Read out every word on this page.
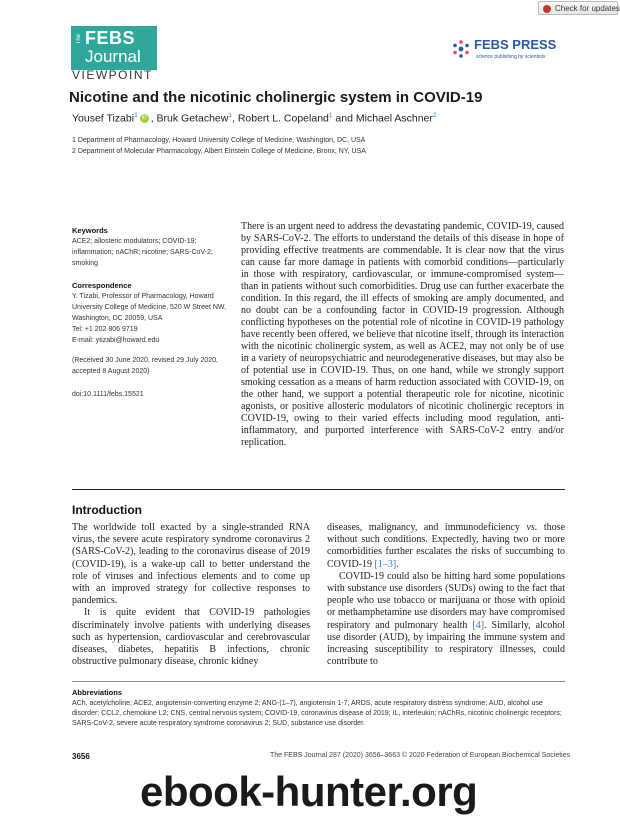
Check for updates
The FEBS
Journal
VIEWPOINT
FEBS PRESS
science publishing by scientists
Nicotine and the nicotinic cholinergic system in COVID-19
Yousef Tizabi$^1$ iD , Bruk Getachew$^1$, Robert L. Copeland$^1$ and Michael Aschner$^2$
1 Department of Pharmacology, Howard University College of Medicine, Washington, DC, USA
2 Department of Molecular Pharmacology, Albert Einstein College of Medicine, Bronx, NY, USA
Keywords
ACE2; allosteric modulators; COVID-19; inflammation; nAChR; nicotine; SARS-CoV-2; smoking
Correspondence
Y. Tizabi, Professor of Pharmacology, Howard University College of Medicine, 520 W Street NW, Washington, DC 20059, USA
Tel: +1 202 806 9719
E-mail: ytizabi@howard.edu
(Received 30 June 2020, revised 29 July 2020, accepted 8 August 2020)
doi:10.1111/febs.15521
There is an urgent need to address the devastating pandemic, COVID-19, caused by SARS-CoV-2. The efforts to understand the details of this disease in hope of providing effective treatments are commendable. It is clear now that the virus can cause far more damage in patients with comorbid conditions—particularly in those with respiratory, cardiovascular, or immune-compromised system—than in patients without such comorbidities. Drug use can further exacerbate the condition. In this regard, the ill effects of smoking are amply documented, and no doubt can be a confounding factor in COVID-19 progression. Although conflicting hypotheses on the potential role of nicotine in COVID-19 pathology have recently been offered, we believe that nicotine itself, through its interaction with the nicotinic cholinergic system, as well as ACE2, may not only be of use in a variety of neuropsychiatric and neurodegenerative diseases, but may also be of potential use in COVID-19. Thus, on one hand, while we strongly support smoking cessation as a means of harm reduction associated with COVID-19, on the other hand, we support a potential therapeutic role for nicotine, nicotinic agonists, or positive allosteric modulators of nicotinic cholinergic receptors in COVID-19, owing to their varied effects including mood regulation, anti-inflammatory, and purported interference with SARS-CoV-2 entry and/or replication.
Introduction

The worldwide toll exacted by a single-stranded RNA virus, the severe acute respiratory syndrome coronavirus 2 (SARS-CoV-2), leading to the coronavirus disease of 2019 (COVID-19), is a wake-up call to better understand the role of viruses and infectious elements and to come up with an improved strategy for collective responses to pandemics.

It is quite evident that COVID-19 pathologies discriminately involve patients with underlying diseases such as hypertension, cardiovascular and cerebrovascular diseases, diabetes, hepatitis B infections, chronic obstructive pulmonary disease, chronic kidney

diseases, malignancy, and immunodeficiency vs. those without such conditions. Expectedly, having two or more comorbidities further escalates the risks of succumbing to COVID-19 [1–3].

COVID-19 could also be hitting hard some populations with substance use disorders (SUDs) owing to the fact that people who use tobacco or marijuana or those with opioid or methamphetamine use disorders may have compromised respiratory and pulmonary health [4]. Similarly, alcohol use disorder (AUD), by impairing the immune system and increasing susceptibility to respiratory illnesses, could contribute to

Abbreviations
ACh, acetylcholine; ACE2, angiotensin-converting enzyme 2; ANG-(1–7), angiotensin 1-7; ARDS, acute respiratory distress syndrome; AUD, alcohol use disorder; CCL2, chemokine L2; CNS, central nervous system; COVID-19, coronavirus disease of 2019; IL, interleukin; nAChRs, nicotinic cholinergic receptors; SARS-CoV-2, severe acute respiratory syndrome coronavirus 2; SUD, substance use disorder.
3656	The FEBS Journal 287 (2020) 3656–3663 © 2020 Federation of European Biochemical Societies
ebook-hunter.org
